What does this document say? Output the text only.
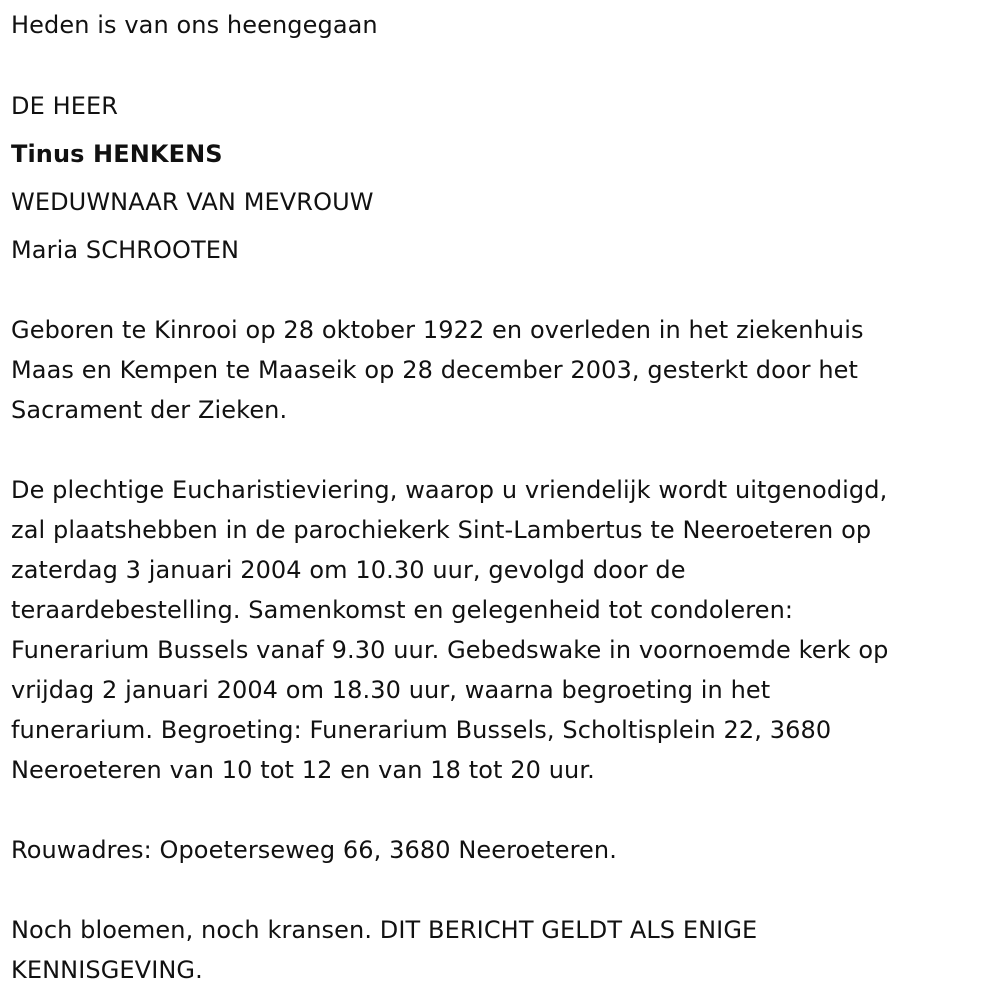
Heden is van ons heengegaan
DE HEER
Tinus HENKENS
WEDUWNAAR VAN MEVROUW
Maria SCHROOTEN
Geboren te Kinrooi op 28 oktober 1922 en overleden in het ziekenhuis
Maas en Kempen te Maaseik op 28 december 2003, gesterkt door het
Sacrament der Zieken.
De plechtige Eucharistieviering, waarop u vriendelijk wordt uitgenodigd,
zal plaatshebben in de parochiekerk Sint-Lambertus te Neeroeteren op
zaterdag 3 januari 2004 om 10.30 uur, gevolgd door de
teraardebestelling. Samenkomst en gelegenheid tot condoleren:
Funerarium Bussels vanaf 9.30 uur. Gebedswake in voornoemde kerk op
vrijdag 2 januari 2004 om 18.30 uur, waarna begroeting in het
funerarium. Begroeting: Funerarium Bussels, Scholtisplein 22, 3680
Neeroeteren van 10 tot 12 en van 18 tot 20 uur.
Rouwadres: Opoeterseweg 66, 3680 Neeroeteren.
Noch bloemen, noch kransen. DIT BERICHT GELDT ALS ENIGE
KENNISGEVING.
